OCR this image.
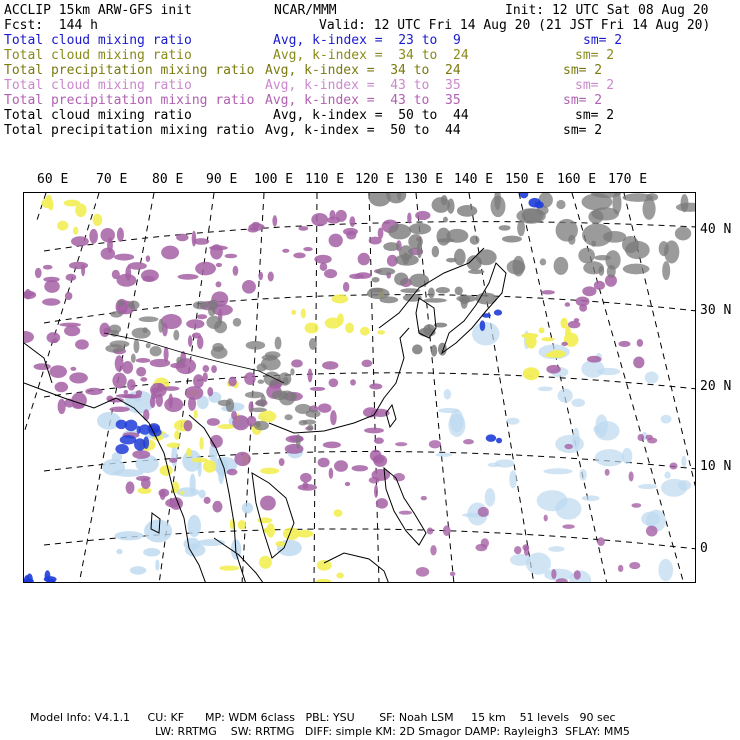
ACCLIP 15km ARW-GFS init	NCAR/MMM	Init: 12 UTC Sat 08 Aug 20
Fcst:  144 h	Valid: 12 UTC Fri 14 Aug 20 (21 JST Fri 14 Aug 20)
Total cloud mixing ratio	Avg, k-index =  23 to  9	sm= 2
Total cloud mixing ratio	Avg, k-index =  34 to  24	sm= 2
Total precipitation mixing ratio Avg, k-index =  34 to  24	sm= 2
Total cloud mixing ratio	Avg, k-index =  43 to  35	sm= 2
Total precipitation mixing ratio Avg, k-index =  43 to  35	sm= 2
Total cloud mixing ratio	Avg, k-index =  50 to  44	sm= 2
Total precipitation mixing ratio Avg, k-index =  50 to  44	sm= 2
60 E 70 E 80 E 90 E 100 E 110 E 120 E 130 E 140 E 150 E 160 E 170 E
40 N
30 N
20 N
10 N
0
Model Info: V4.1.1     CU: KF      MP: WDM 6class   PBL: YSU       SF: Noah LSM     15 km    51 levels   90 sec
LW: RRTMG    SW: RRTMG   DIFF: simple KM: 2D Smagor DAMP: Rayleigh3  SFLAY: MM5
